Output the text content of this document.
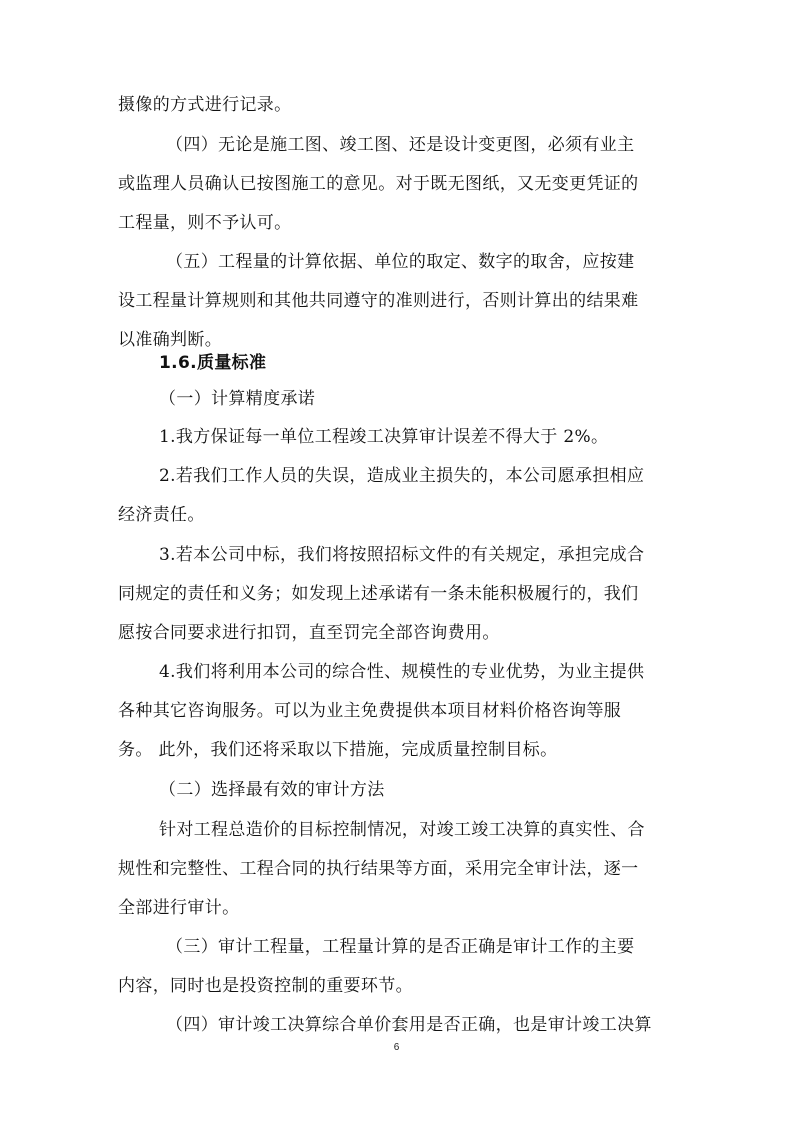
摄像的方式进行记录。
（四）无论是施工图、竣工图、还是设计变更图，必须有业主
或监理人员确认已按图施工的意见。对于既无图纸，又无变更凭证的
工程量，则不予认可。
（五）工程量的计算依据、单位的取定、数字的取舍，应按建
设工程量计算规则和其他共同遵守的准则进行，否则计算出的结果难
以准确判断。
1.6.质量标准
（一）计算精度承诺
1.我方保证每一单位工程竣工决算审计误差不得大于 2%。
2.若我们工作人员的失误，造成业主损失的，本公司愿承担相应
经济责任。
3.若本公司中标，我们将按照招标文件的有关规定，承担完成合
同规定的责任和义务；如发现上述承诺有一条未能积极履行的，我们
愿按合同要求进行扣罚，直至罚完全部咨询费用。
4.我们将利用本公司的综合性、规模性的专业优势，为业主提供
各种其它咨询服务。可以为业主免费提供本项目材料价格咨询等服
务。 此外，我们还将采取以下措施，完成质量控制目标。
（二）选择最有效的审计方法
针对工程总造价的目标控制情况，对竣工竣工决算的真实性、合
规性和完整性、工程合同的执行结果等方面，采用完全审计法，逐一
全部进行审计。
（三）审计工程量，工程量计算的是否正确是审计工作的主要
内容，同时也是投资控制的重要环节。
（四）审计竣工决算综合单价套用是否正确，也是审计竣工决算
6
